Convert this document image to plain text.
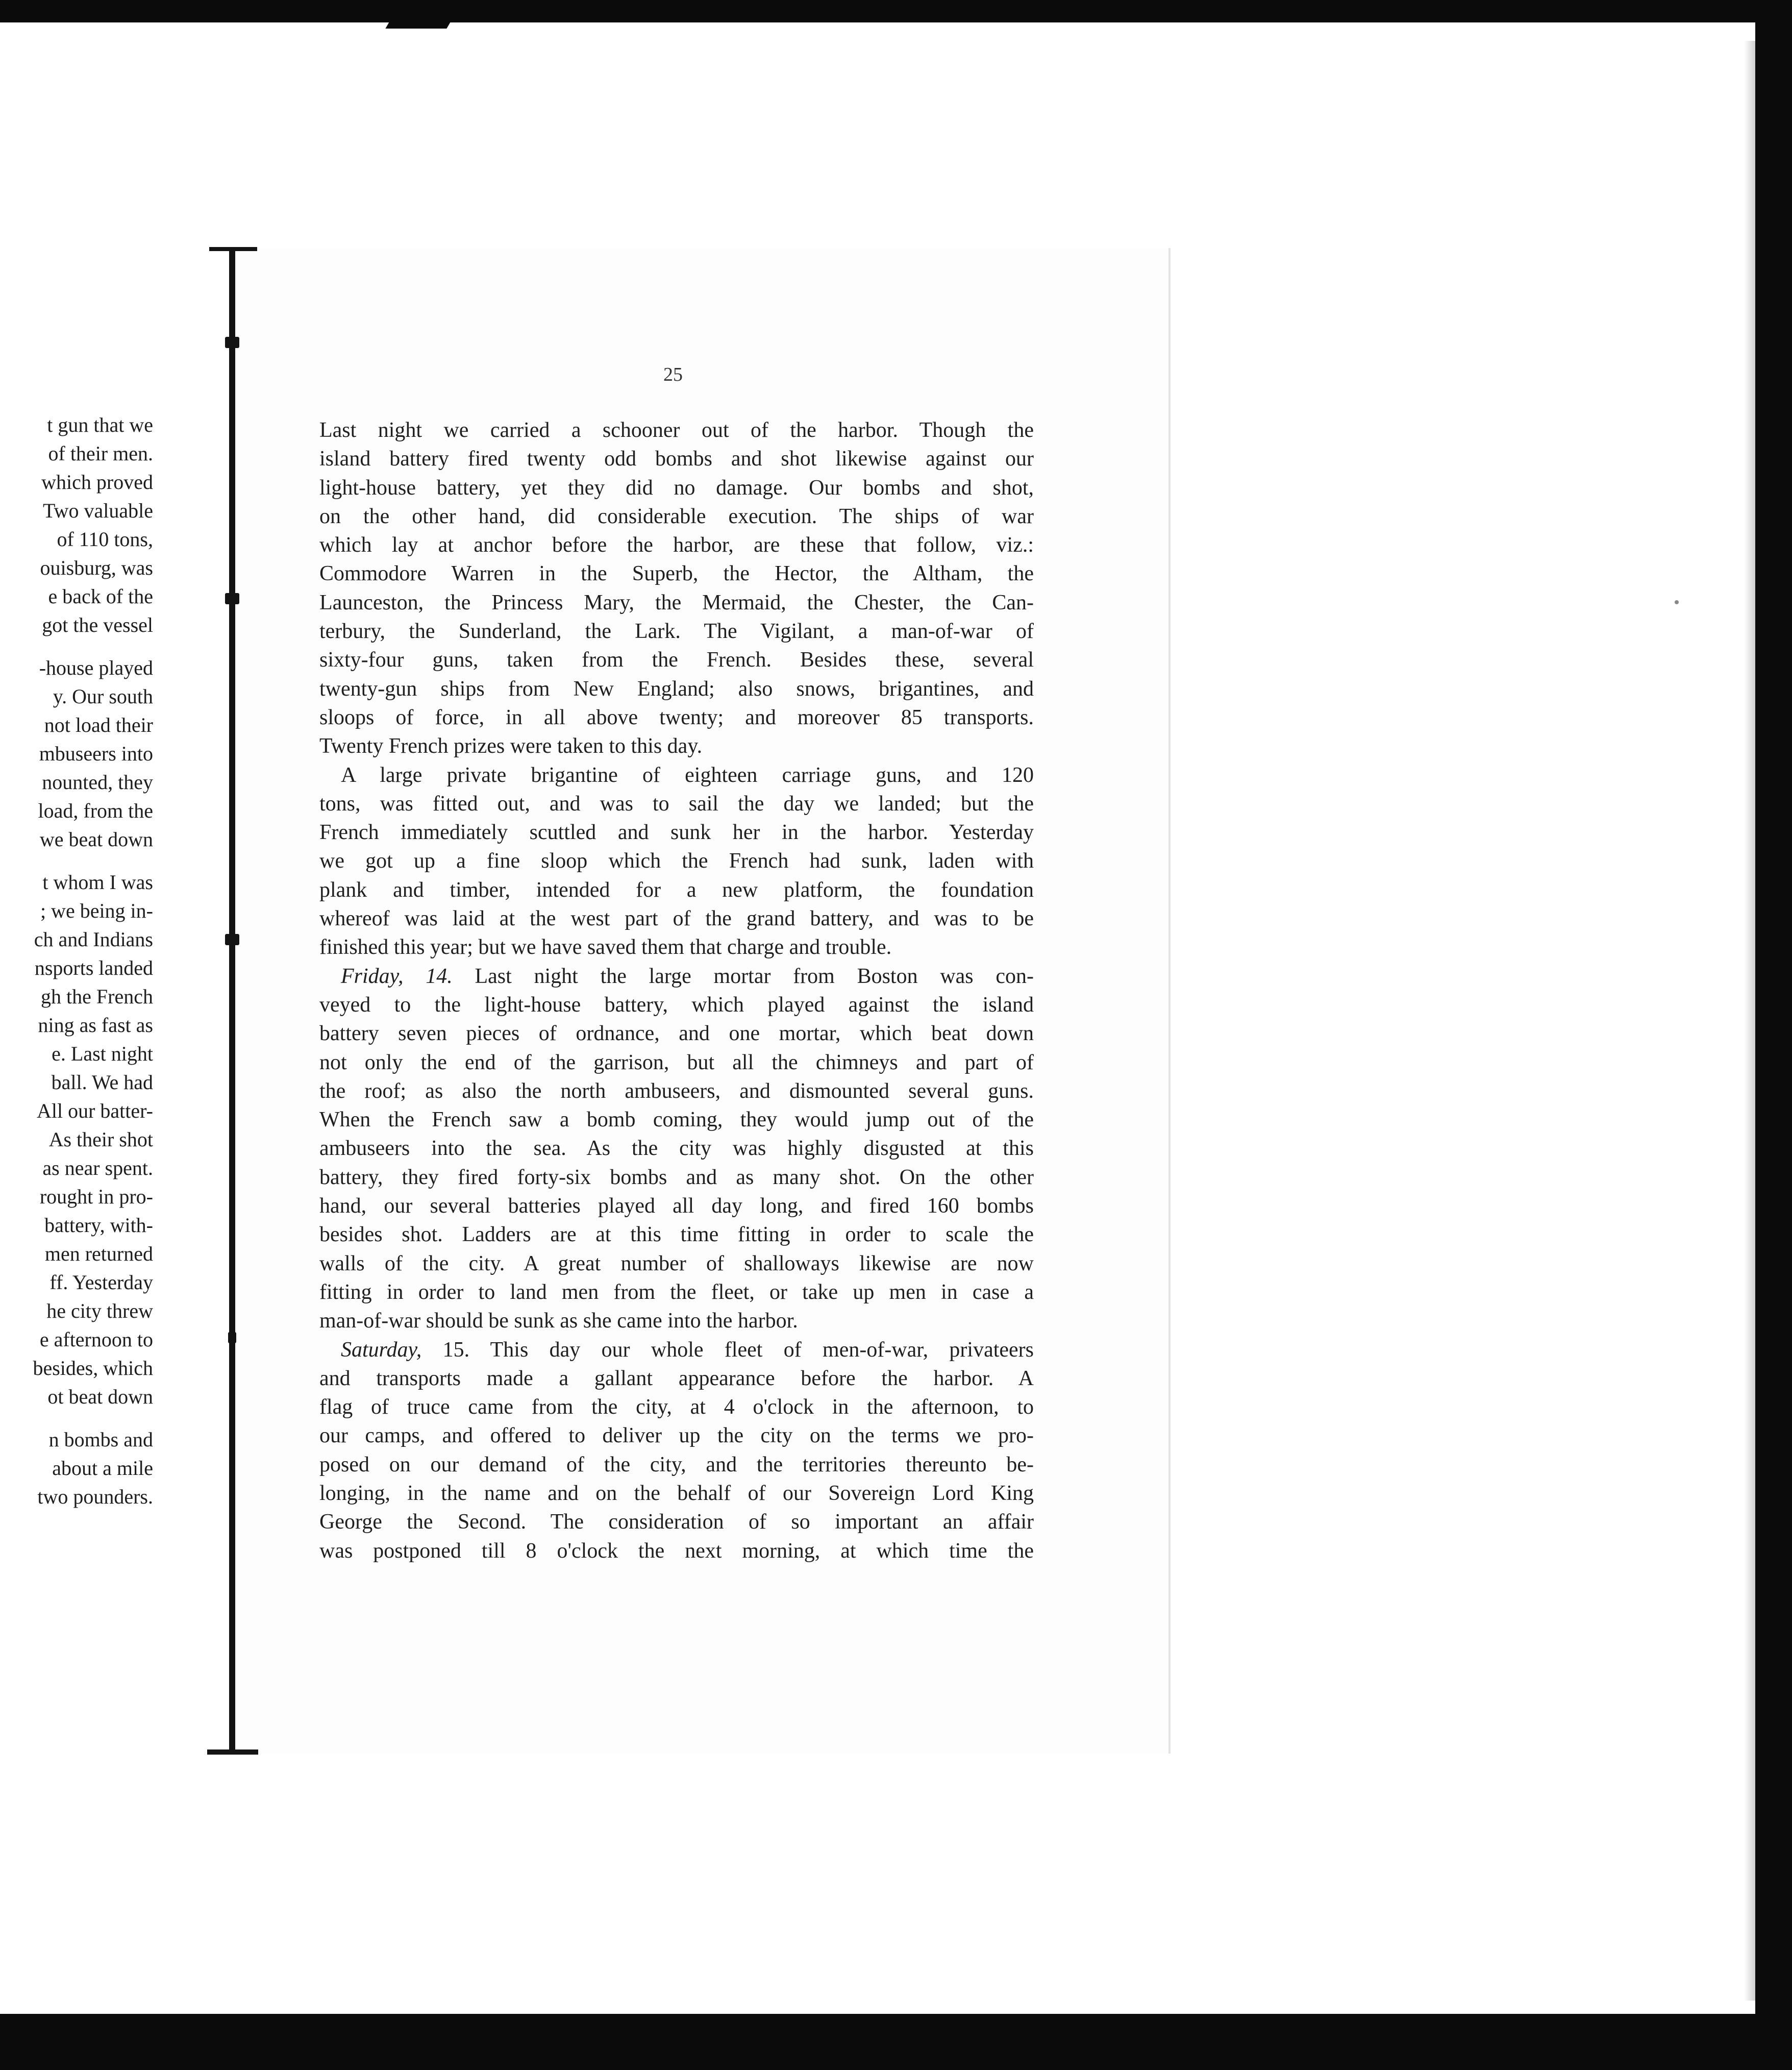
t gun that we
of their men.
which proved
Two valuable
of 110 tons,
ouisburg, was
e back of the
got the vessel
-house played
y. Our south
not load their
mbuseers into
nounted, they
load, from the
we beat down
t whom I was
; we being in-
ch and Indians
nsports landed
gh the French
ning as fast as
e. Last night
ball. We had
All our batter-
As their shot
as near spent.
rought in pro-
battery, with-
men returned
ff. Yesterday
he city threw
e afternoon to
besides, which
ot beat down
n bombs and
about a mile
two pounders.
25
Last night we carried a schooner out of the harbor. Though the
island battery fired twenty odd bombs and shot likewise against our
light-house battery, yet they did no damage. Our bombs and shot,
on the other hand, did considerable execution. The ships of war
which lay at anchor before the harbor, are these that follow, viz.:
Commodore Warren in the Superb, the Hector, the Altham, the
Launceston, the Princess Mary, the Mermaid, the Chester, the Can-
terbury, the Sunderland, the Lark. The Vigilant, a man-of-war of
sixty-four guns, taken from the French. Besides these, several
twenty-gun ships from New England; also snows, brigantines, and
sloops of force, in all above twenty; and moreover 85 transports.
Twenty French prizes were taken to this day.
A large private brigantine of eighteen carriage guns, and 120
tons, was fitted out, and was to sail the day we landed; but the
French immediately scuttled and sunk her in the harbor. Yesterday
we got up a fine sloop which the French had sunk, laden with
plank and timber, intended for a new platform, the foundation
whereof was laid at the west part of the grand battery, and was to be
finished this year; but we have saved them that charge and trouble.
Friday, 14. Last night the large mortar from Boston was con-
veyed to the light-house battery, which played against the island
battery seven pieces of ordnance, and one mortar, which beat down
not only the end of the garrison, but all the chimneys and part of
the roof; as also the north ambuseers, and dismounted several guns.
When the French saw a bomb coming, they would jump out of the
ambuseers into the sea. As the city was highly disgusted at this
battery, they fired forty-six bombs and as many shot. On the other
hand, our several batteries played all day long, and fired 160 bombs
besides shot. Ladders are at this time fitting in order to scale the
walls of the city. A great number of shalloways likewise are now
fitting in order to land men from the fleet, or take up men in case a
man-of-war should be sunk as she came into the harbor.
Saturday, 15. This day our whole fleet of men-of-war, privateers
and transports made a gallant appearance before the harbor. A
flag of truce came from the city, at 4 o'clock in the afternoon, to
our camps, and offered to deliver up the city on the terms we pro-
posed on our demand of the city, and the territories thereunto be-
longing, in the name and on the behalf of our Sovereign Lord King
George the Second. The consideration of so important an affair
was postponed till 8 o'clock the next morning, at which time the
